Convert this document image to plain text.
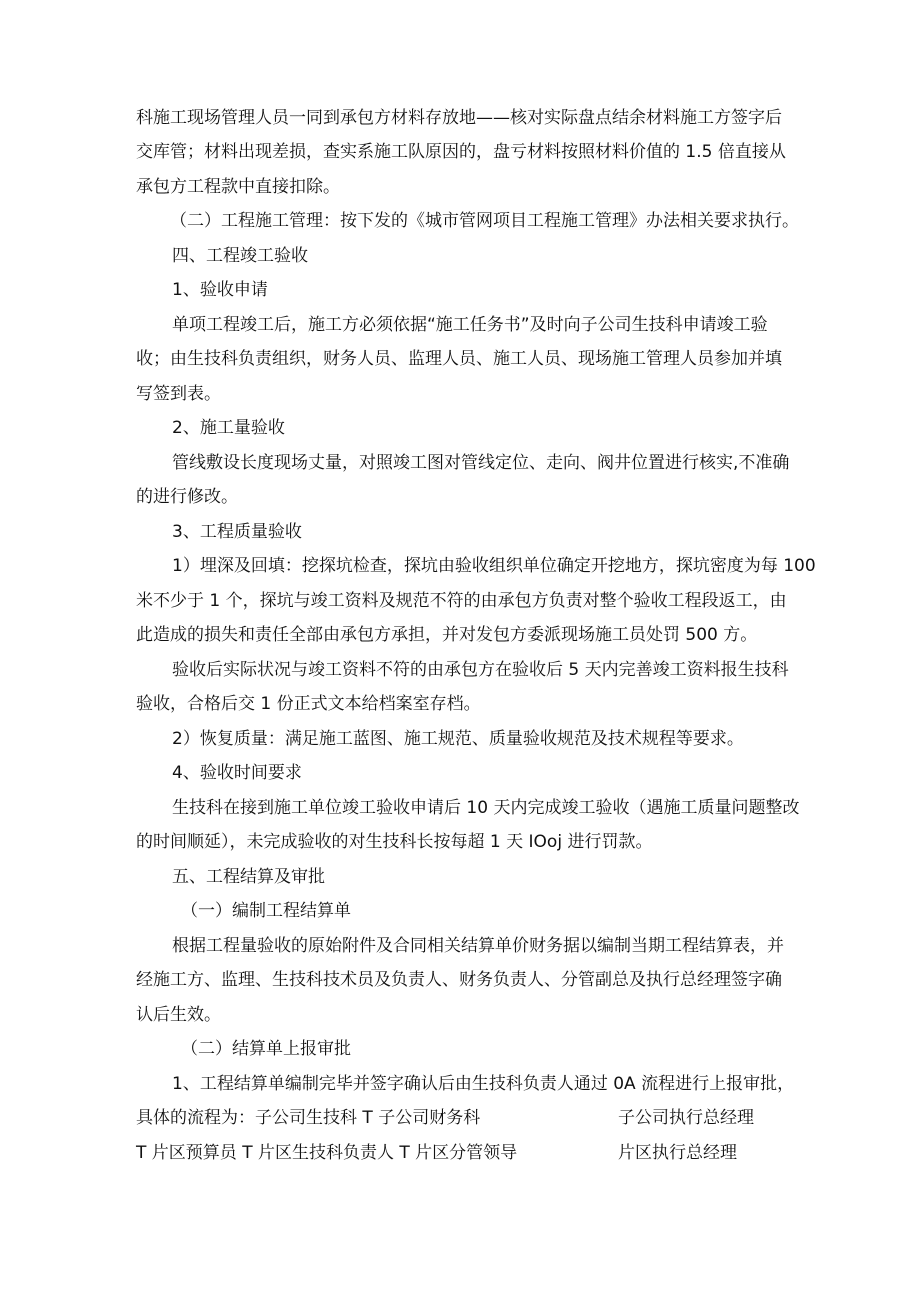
科施工现场管理人员一同到承包方材料存放地——核对实际盘点结余材料施工方签字后
交库管；材料出现差损，查实系施工队原因的，盘亏材料按照材料价值的 1.5 倍直接从
承包方工程款中直接扣除。
（二）工程施工管理：按下发的《城市管网项目工程施工管理》办法相关要求执行。
四、工程竣工验收
1、验收申请
单项工程竣工后，施工方必须依据“施工任务书”及时向子公司生技科申请竣工验
收；由生技科负责组织，财务人员、监理人员、施工人员、现场施工管理人员参加并填
写签到表。
2、施工量验收
管线敷设长度现场丈量，对照竣工图对管线定位、走向、阀井位置进行核实,不准确
的进行修改。
3、工程质量验收
1）埋深及回填：挖探坑检查，探坑由验收组织单位确定开挖地方，探坑密度为每 100
米不少于 1 个，探坑与竣工资料及规范不符的由承包方负责对整个验收工程段返工，由
此造成的损失和责任全部由承包方承担，并对发包方委派现场施工员处罚 500 方。
验收后实际状况与竣工资料不符的由承包方在验收后 5 天内完善竣工资料报生技科
验收，合格后交 1 份正式文本给档案室存档。
2）恢复质量：满足施工蓝图、施工规范、质量验收规范及技术规程等要求。
4、验收时间要求
生技科在接到施工单位竣工验收申请后 10 天内完成竣工验收（遇施工质量问题整改
的时间顺延），未完成验收的对生技科长按每超 1 天 IOoj 进行罚款。
五、工程结算及审批
（一）编制工程结算单
根据工程量验收的原始附件及合同相关结算单价财务据以编制当期工程结算表，并
经施工方、监理、生技科技术员及负责人、财务负责人、分管副总及执行总经理签字确
认后生效。
（二）结算单上报审批
1、工程结算单编制完毕并签字确认后由生技科负责人通过 0A 流程进行上报审批，
具体的流程为：子公司生技科 T 子公司财务科	子公司执行总经理
T 片区预算员 T 片区生技科负责人 T 片区分管领导	片区执行总经理
